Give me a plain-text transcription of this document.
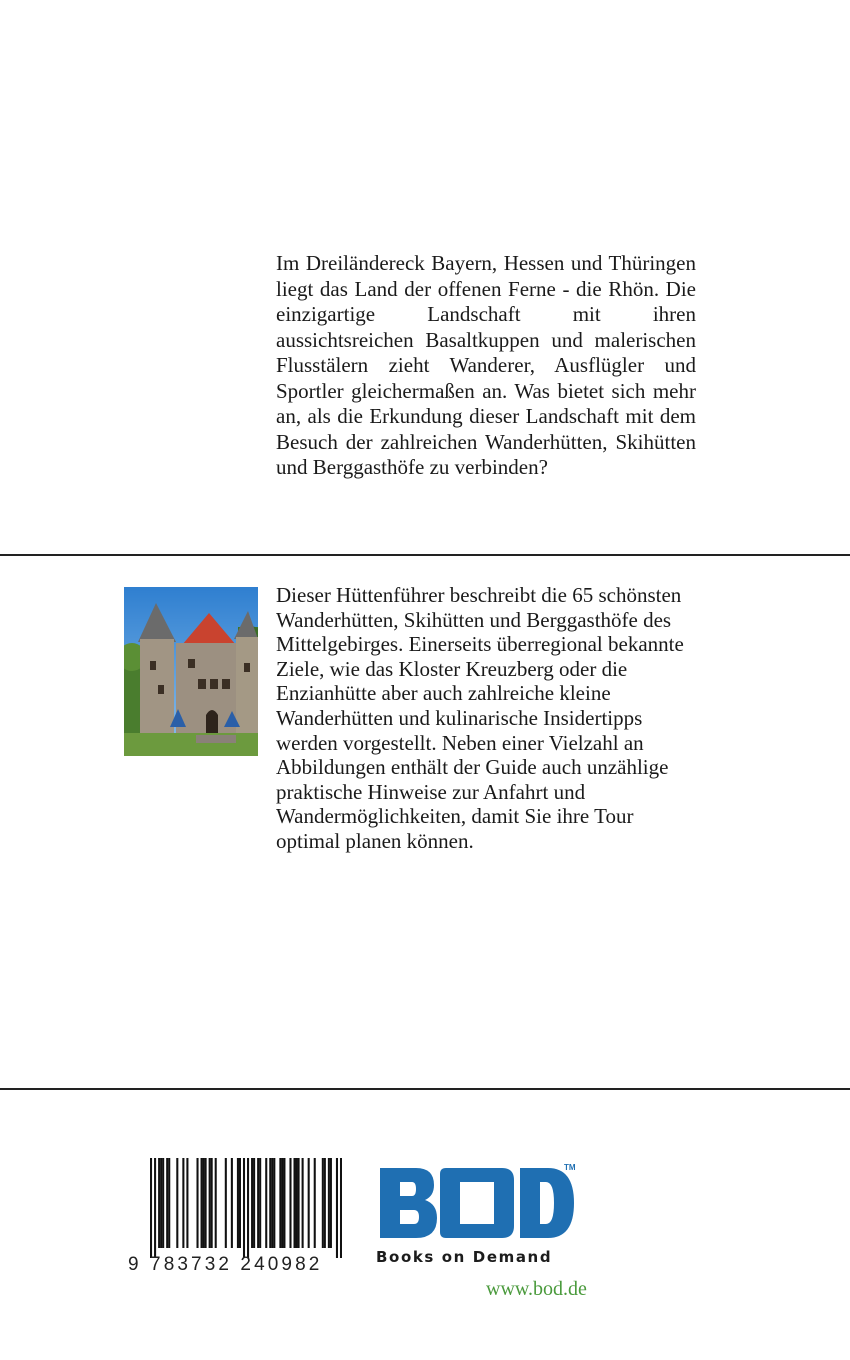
Im Dreiländereck Bayern, Hessen und Thüringen liegt das Land der offenen Ferne - die Rhön. Die einzigartige Landschaft mit ihren aussichtsreichen Basaltkuppen und malerischen Flusstälern zieht Wanderer, Ausflügler und Sportler gleichermaßen an. Was bietet sich mehr an, als die Erkundung dieser Landschaft mit dem Besuch der zahlreichen Wanderhütten, Skihütten und Berggasthöfe zu verbinden?

Dieser Hüttenführer beschreibt die 65 schönsten Wanderhütten, Skihütten und Berggasthöfe des Mittelgebirges. Einerseits überregional bekannte Ziele, wie das Kloster Kreuzberg oder die Enzianhütte aber auch zahlreiche kleine Wanderhütten und kulinarische Insidertipps werden vorgestellt. Neben einer Vielzahl an Abbildungen enthält der Guide auch unzählige praktische Hinweise zur Anfahrt und Wandermöglichkeiten, damit Sie ihre Tour optimal planen können.

9 783732 240982
BOD
TM
Books on Demand
www.bod.de
